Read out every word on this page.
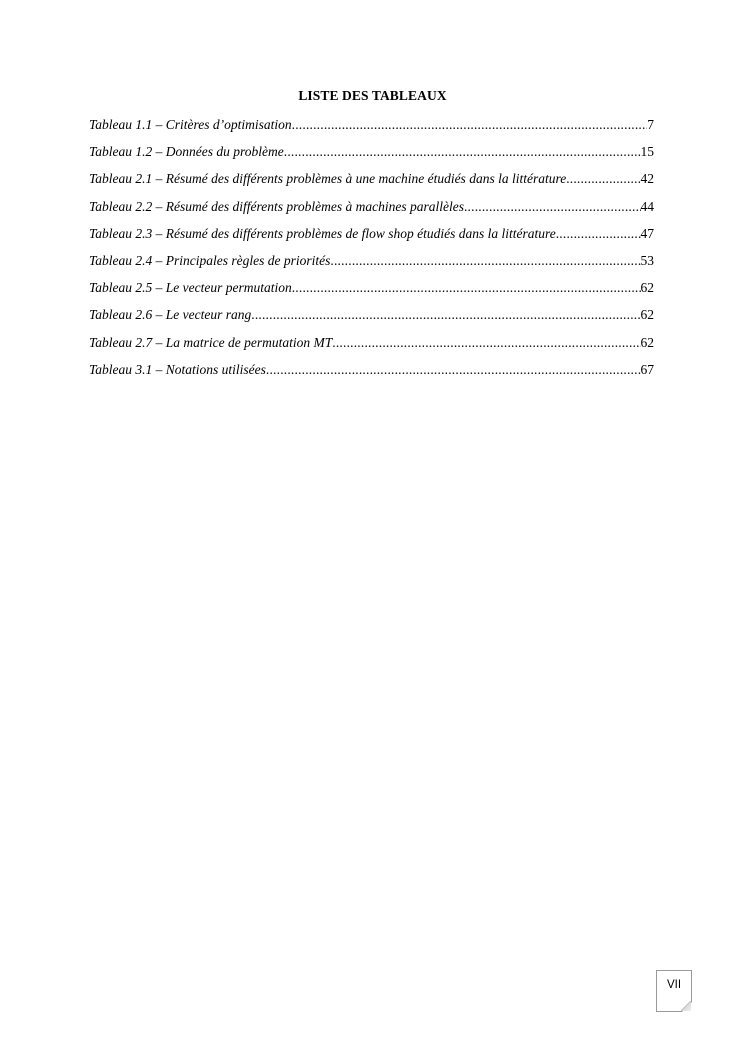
LISTE DES TABLEAUX
Tableau 1.1 – Critères d’optimisation .....	7
Tableau 1.2 – Données du problème .....	15
Tableau 2.1 – Résumé des différents problèmes à une machine étudiés dans la littérature .....	42
Tableau 2.2 – Résumé des différents problèmes à machines parallèles .....	44
Tableau 2.3 – Résumé des différents problèmes de flow shop étudiés dans la littérature .....	47
Tableau 2.4 – Principales règles de priorités .....	53
Tableau 2.5 – Le vecteur permutation .....	62
Tableau 2.6 – Le vecteur rang .....	62
Tableau 2.7 – La matrice de permutation MT .....	62
Tableau 3.1 – Notations utilisées .....	67
VII
